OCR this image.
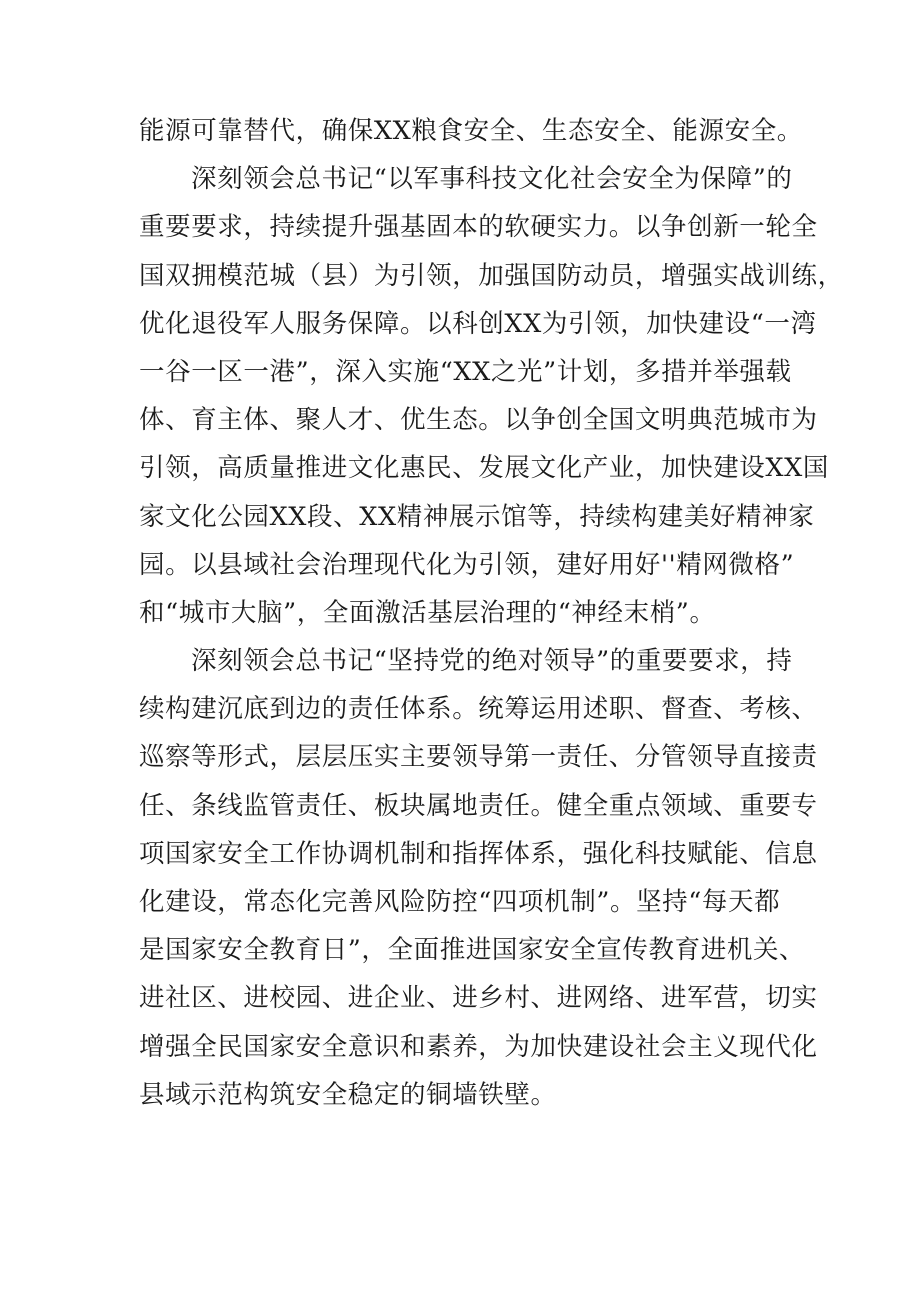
能源可靠替代，确保XX粮食安全、生态安全、能源安全。
深刻领会总书记“以军事科技文化社会安全为保障”的
重要要求，持续提升强基固本的软硬实力。以争创新一轮全
国双拥模范城（县）为引领，加强国防动员，增强实战训练，
优化退役军人服务保障。以科创XX为引领，加快建设“一湾
一谷一区一港”，深入实施“XX之光”计划，多措并举强载
体、育主体、聚人才、优生态。以争创全国文明典范城市为
引领，高质量推进文化惠民、发展文化产业，加快建设XX国
家文化公园XX段、XX精神展示馆等，持续构建美好精神家
园。以县域社会治理现代化为引领，建好用好''精网微格”
和“城市大脑”，全面激活基层治理的“神经末梢”。
深刻领会总书记“坚持党的绝对领导”的重要要求，持
续构建沉底到边的责任体系。统筹运用述职、督查、考核、
巡察等形式，层层压实主要领导第一责任、分管领导直接责
任、条线监管责任、板块属地责任。健全重点领域、重要专
项国家安全工作协调机制和指挥体系，强化科技赋能、信息
化建设，常态化完善风险防控“四项机制”。坚持“每天都
是国家安全教育日”，全面推进国家安全宣传教育进机关、
进社区、进校园、进企业、进乡村、进网络、进军营，切实
增强全民国家安全意识和素养，为加快建设社会主义现代化
县域示范构筑安全稳定的铜墙铁壁。
